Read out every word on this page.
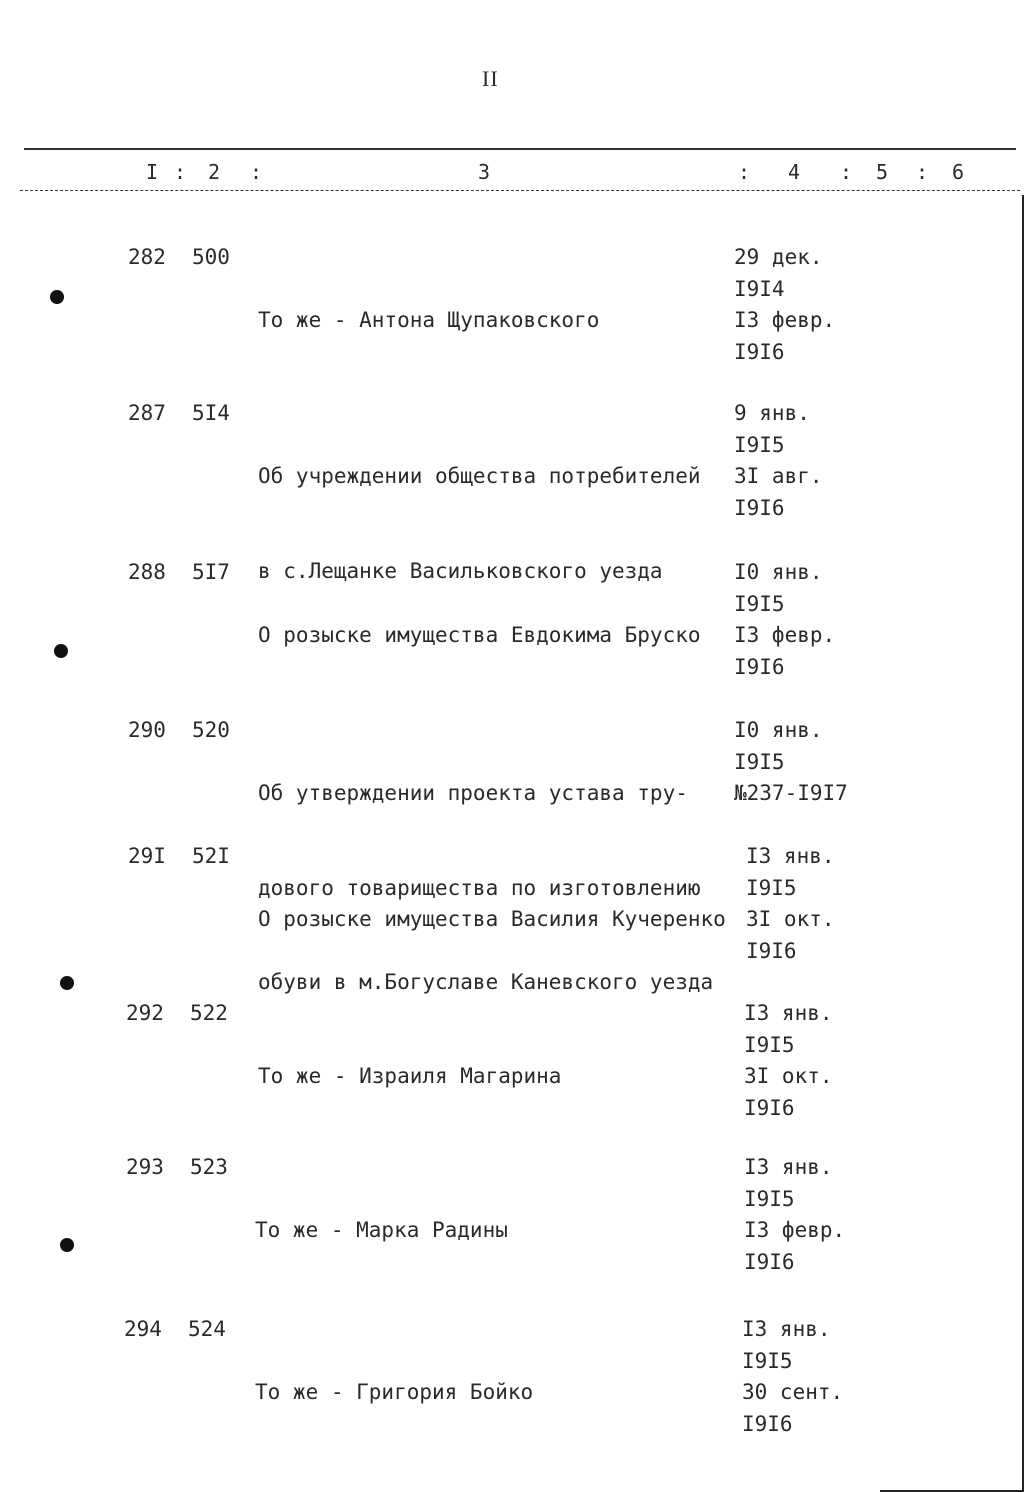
II
I : 2 :	3	: 4 : 5 : 6
282 500

То же - Антона Щупаковского

29 дек.
I9I4
I3 февр.
I9I6
287 5I4

Об учреждении общества потребителей

в с.Лещанке Васильковского уезда

9 янв.
I9I5
3I авг.
I9I6
288 5I7

О розыске имущества Евдокима Бруско

I0 янв.
I9I5
I3 февр.
I9I6
290 520

Об утверждении проекта устава тру-

дового товарищества по изготовлению

обуви в м.Богуславе Каневского уезда

I0 янв.
I9I5
№237-I9I7
29I 52I

О розыске имущества Василия Кучеренко

I3 янв.
I9I5
3I окт.
I9I6
292 522

То же - Израиля Магарина

I3 янв.
I9I5
3I окт.
I9I6
293 523

То же - Марка Радины

I3 янв.
I9I5
I3 февр.
I9I6
294 524

То же - Григория Бойко

I3 янв.
I9I5
30 сент.
I9I6
